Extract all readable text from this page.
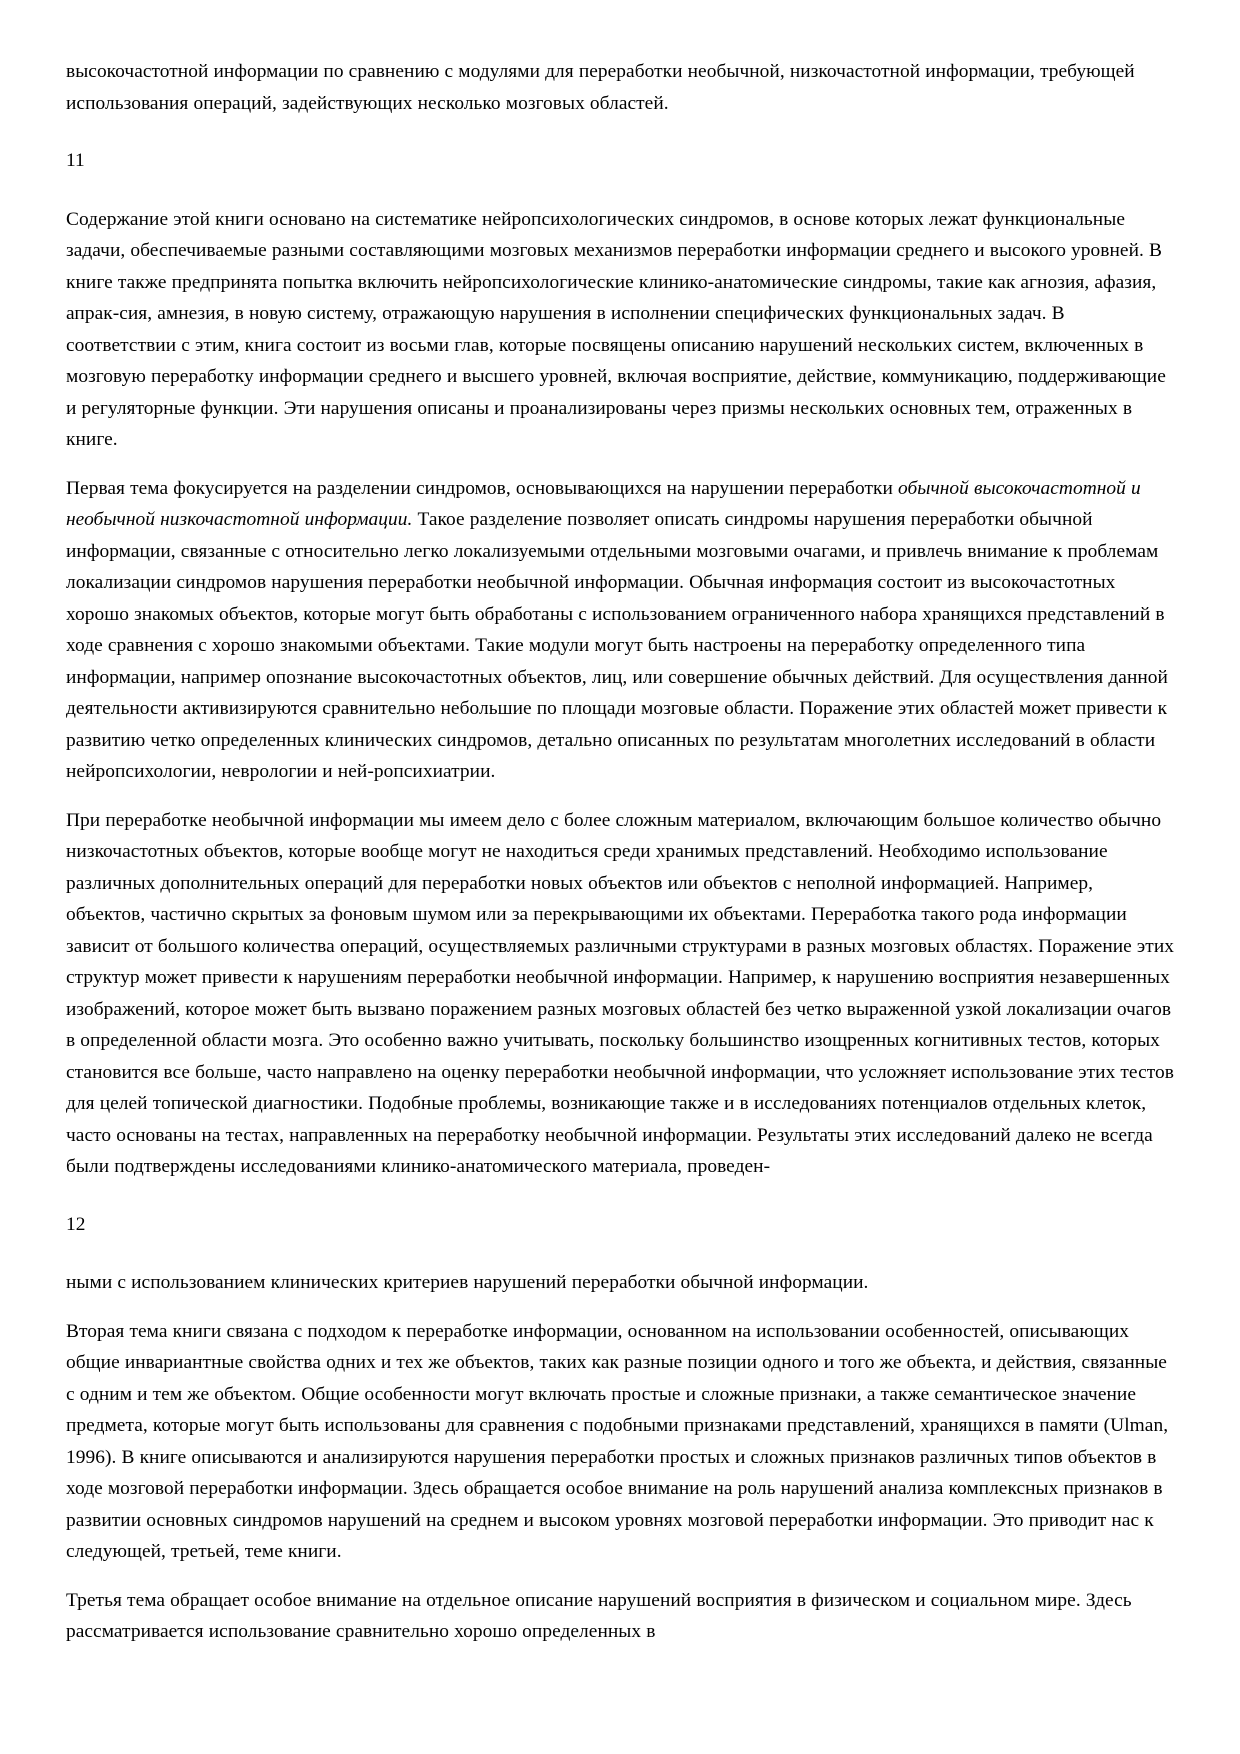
высокочастотной информации по сравнению с модулями для переработки необычной, низкочастотной информации, требующей использования операций, задействующих несколько мозговых областей.

11

Содержание этой книги основано на систематике нейропсихологических синдромов, в основе которых лежат функциональные задачи, обеспечиваемые разными составляющими мозговых механизмов переработки информации среднего и высокого уровней. В книге также предпринята попытка включить нейропсихологические клинико-анатомические синдромы, такие как агнозия, афазия, апрак-сия, амнезия, в новую систему, отражающую нарушения в исполнении специфических функциональных задач. В соответствии с этим, книга состоит из восьми глав, которые посвящены описанию нарушений нескольких систем, включенных в мозговую переработку информации среднего и высшего уровней, включая восприятие, действие, коммуникацию, поддерживающие и регуляторные функции. Эти нарушения описаны и проанализированы через призмы нескольких основных тем, отраженных в книге.

Первая тема фокусируется на разделении синдромов, основывающихся на нарушении переработки обычной высокочастотной и необычной низкочастотной информации. Такое разделение позволяет описать синдромы нарушения переработки обычной информации, связанные с относительно легко локализуемыми отдельными мозговыми очагами, и привлечь внимание к проблемам локализации синдромов нарушения переработки необычной информации. Обычная информация состоит из высокочастотных хорошо знакомых объектов, которые могут быть обработаны с использованием ограниченного набора хранящихся представлений в ходе сравнения с хорошо знакомыми объектами. Такие модули могут быть настроены на переработку определенного типа информации, например опознание высокочастотных объектов, лиц, или совершение обычных действий. Для осуществления данной деятельности активизируются сравнительно небольшие по площади мозговые области. Поражение этих областей может привести к развитию четко определенных клинических синдромов, детально описанных по результатам многолетних исследований в области нейропсихологии, неврологии и ней-ропсихиатрии.

При переработке необычной информации мы имеем дело с более сложным материалом, включающим большое количество обычно низкочастотных объектов, которые вообще могут не находиться среди хранимых представлений. Необходимо использование различных дополнительных операций для переработки новых объектов или объектов с неполной информацией. Например, объектов, частично скрытых за фоновым шумом или за перекрывающими их объектами. Переработка такого рода информации зависит от большого количества операций, осуществляемых различными структурами в разных мозговых областях. Поражение этих структур может привести к нарушениям переработки необычной информации. Например, к нарушению восприятия незавершенных изображений, которое может быть вызвано поражением разных мозговых областей без четко выраженной узкой локализации очагов в определенной области мозга. Это особенно важно учитывать, поскольку большинство изощренных когнитивных тестов, которых становится все больше, часто направлено на оценку переработки необычной информации, что усложняет использование этих тестов для целей топической диагностики. Подобные проблемы, возникающие также и в исследованиях потенциалов отдельных клеток, часто основаны на тестах, направленных на переработку необычной информации. Результаты этих исследований далеко не всегда были подтверждены исследованиями клинико-анатомического материала, проведен-

12

ными с использованием клинических критериев нарушений переработки обычной информации.

Вторая тема книги связана с подходом к переработке информации, основанном на использовании особенностей, описывающих общие инвариантные свойства одних и тех же объектов, таких как разные позиции одного и того же объекта, и действия, связанные с одним и тем же объектом. Общие особенности могут включать простые и сложные признаки, а также семантическое значение предмета, которые могут быть использованы для сравнения с подобными признаками представлений, хранящихся в памяти (Ulman, 1996). В книге описываются и анализируются нарушения переработки простых и сложных признаков различных типов объектов в ходе мозговой переработки информации. Здесь обращается особое внимание на роль нарушений анализа комплексных признаков в развитии основных синдромов нарушений на среднем и высоком уровнях мозговой переработки информации. Это приводит нас к следующей, третьей, теме книги.

Третья тема обращает особое внимание на отдельное описание нарушений восприятия в физическом и социальном мире. Здесь рассматривается использование сравнительно хорошо определенных в
